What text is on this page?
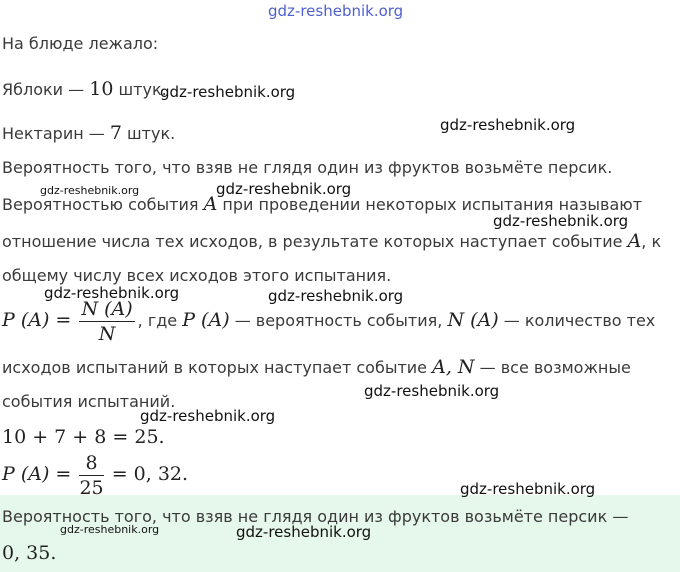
gdz-reshebnik.org
На блюде лежало:
Яблоки — 10 штук.
Нектарин — 7 штук.
Вероятность того, что взяв не глядя один из фруктов возьмёте персик.
Вероятностью события A при проведении некоторых испытания называют
отношение числа тех исходов, в результате которых наступает событие A, к
общему числу всех исходов этого испытания.
P $(A) = \frac{N (A)}{N}$ , где P (A) — вероятность события, N (A) — количество тех
исходов испытаний в которых наступает событие A, N — все возможные
события испытаний.
10 + 7 + 8 = 25.
P $(A) = \frac{8}{25} = 0$, 32.
Вероятность того, что взяв не глядя один из фруктов возьмёте персик —
0, 35.
gdz-reshebnik.org
gdz-reshebnik.org
gdz-reshebnik.org	gdz-reshebnik.org
gdz-reshebnik.org
gdz-reshebnik.org	gdz-reshebnik.org
gdz-reshebnik.org
gdz-reshebnik.org
gdz-reshebnik.org
gdz-reshebnik.org	gdz-reshebnik.org
